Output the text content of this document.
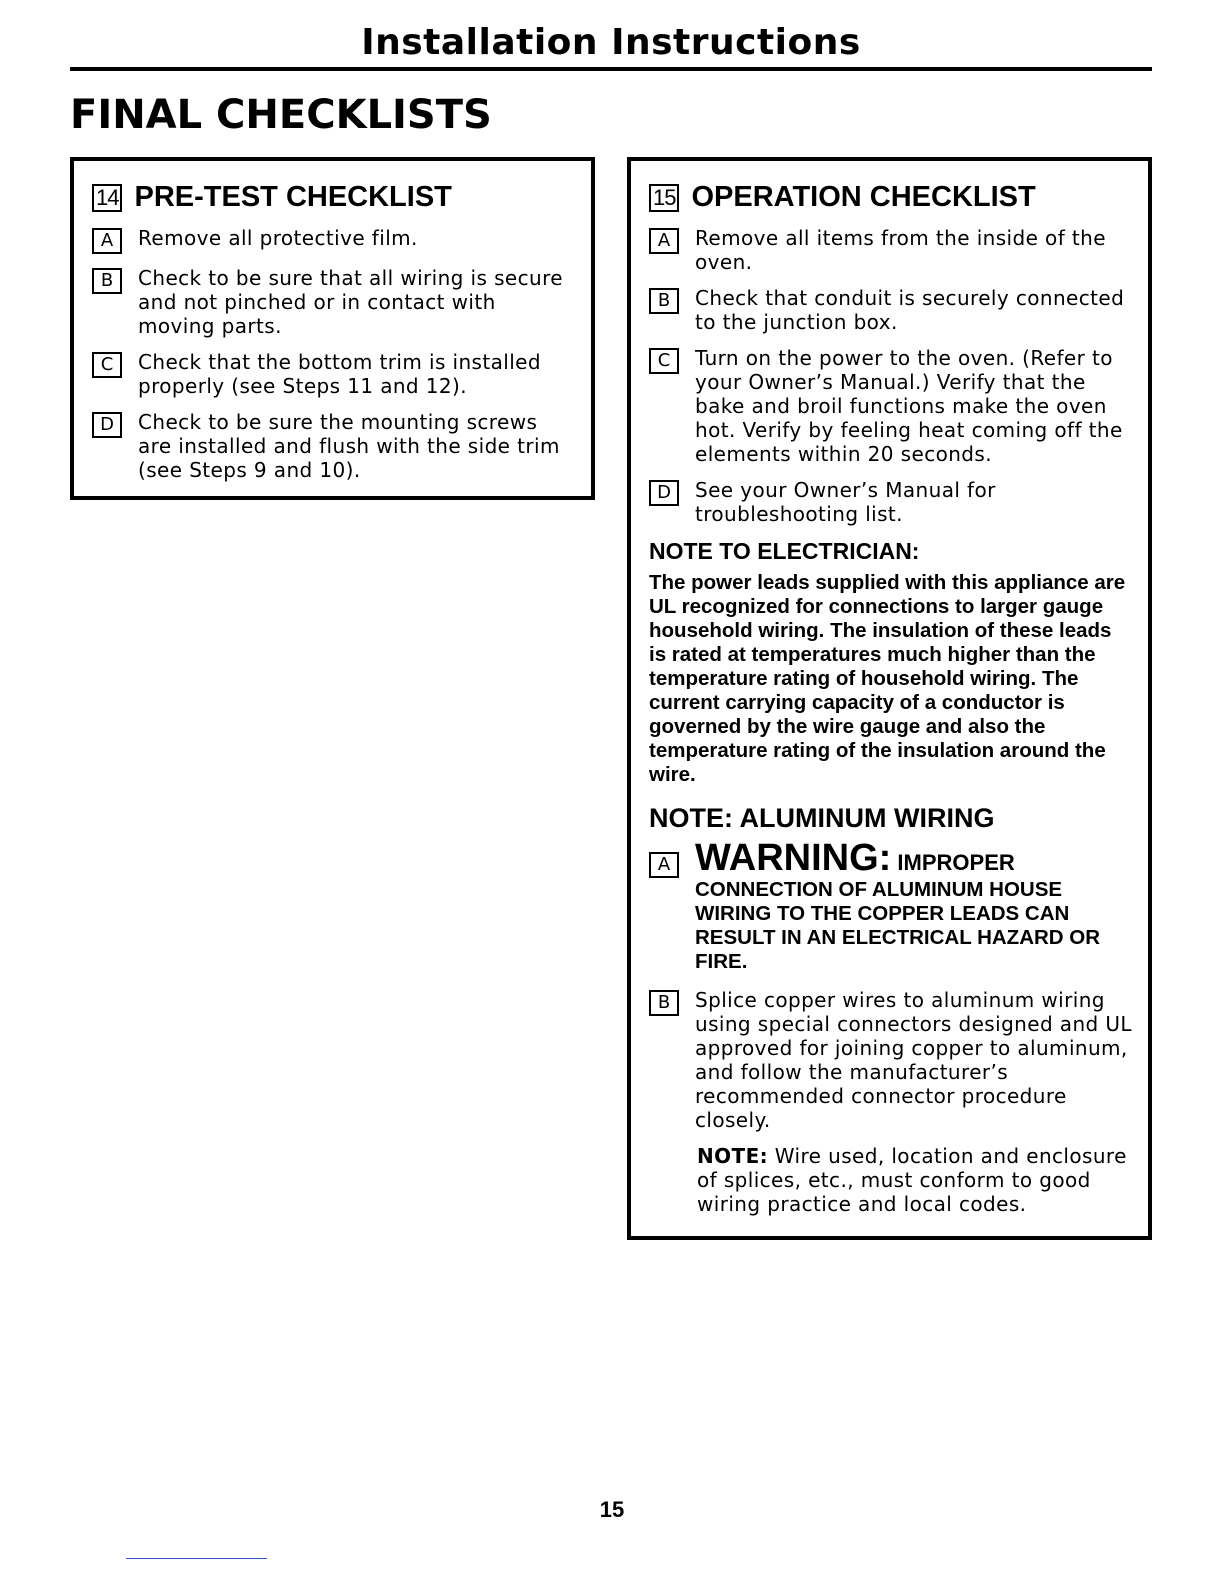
Installation Instructions
FINAL CHECKLISTS
14 PRE-TEST CHECKLIST
A	Remove all protective film.
B	Check to be sure that all wiring is secure and not pinched or in contact with moving parts.
C	Check that the bottom trim is installed properly (see Steps 11 and 12).
D	Check to be sure the mounting screws are installed and flush with the side trim (see Steps 9 and 10).
15 OPERATION CHECKLIST
A	Remove all items from the inside of the oven.
B	Check that conduit is securely connected to the junction box.
C	Turn on the power to the oven. (Refer to your Owner’s Manual.) Verify that the bake and broil functions make the oven hot. Verify by feeling heat coming off the elements within 20 seconds.
D	See your Owner’s Manual for troubleshooting list.
NOTE TO ELECTRICIAN:
The power leads supplied with this appliance are UL recognized for connections to larger gauge household wiring. The insulation of these leads is rated at temperatures much higher than the temperature rating of household wiring. The current carrying capacity of a conductor is governed by the wire gauge and also the temperature rating of the insulation around the wire.
NOTE: ALUMINUM WIRING
A WARNING: IMPROPER
CONNECTION OF ALUMINUM HOUSE WIRING TO THE COPPER LEADS CAN RESULT IN AN ELECTRICAL HAZARD OR FIRE.
B	Splice copper wires to aluminum wiring using special connectors designed and UL approved for joining copper to aluminum, and follow the manufacturer’s recommended connector procedure closely.
NOTE: Wire used, location and enclosure of splices, etc., must conform to good wiring practice and local codes.
15
